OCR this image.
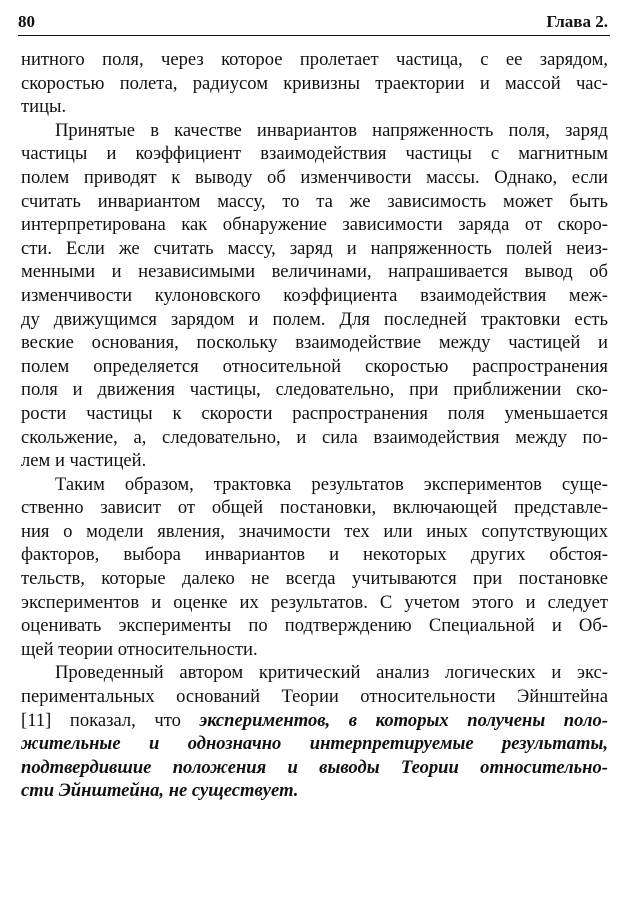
80	Глава 2.
нитного поля, через которое пролетает частица, с ее зарядом,
скоростью полета, радиусом кривизны траектории и массой час-
тицы.
Принятые в качестве инвариантов напряженность поля, заряд
частицы и коэффициент взаимодействия частицы с магнитным
полем приводят к выводу об изменчивости массы. Однако, если
считать инвариантом массу, то та же зависимость может быть
интерпретирована как обнаружение зависимости заряда от скоро-
сти. Если же считать массу, заряд и напряженность полей неиз-
менными и независимыми величинами, напрашивается вывод об
изменчивости кулоновского коэффициента взаимодействия меж-
ду движущимся зарядом и полем. Для последней трактовки есть
веские основания, поскольку взаимодействие между частицей и
полем определяется относительной скоростью распространения
поля и движения частицы, следовательно, при приближении ско-
рости частицы к скорости распространения поля уменьшается
скольжение, а, следовательно, и сила взаимодействия между по-
лем и частицей.
Таким образом, трактовка результатов экспериментов суще-
ственно зависит от общей постановки, включающей представле-
ния о модели явления, значимости тех или иных сопутствующих
факторов, выбора инвариантов и некоторых других обстоя-
тельств, которые далеко не всегда учитываются при постановке
экспериментов и оценке их результатов. С учетом этого и следует
оценивать эксперименты по подтверждению Специальной и Об-
щей теории относительности.
Проведенный автором критический анализ логических и экс-
периментальных оснований Теории относительности Эйнштейна
[11] показал, что экспериментов, в которых получены поло-
жительные и однозначно интерпретируемые результаты,
подтвердившие положения и выводы Теории относительно-
сти Эйнштейна, не существует.
